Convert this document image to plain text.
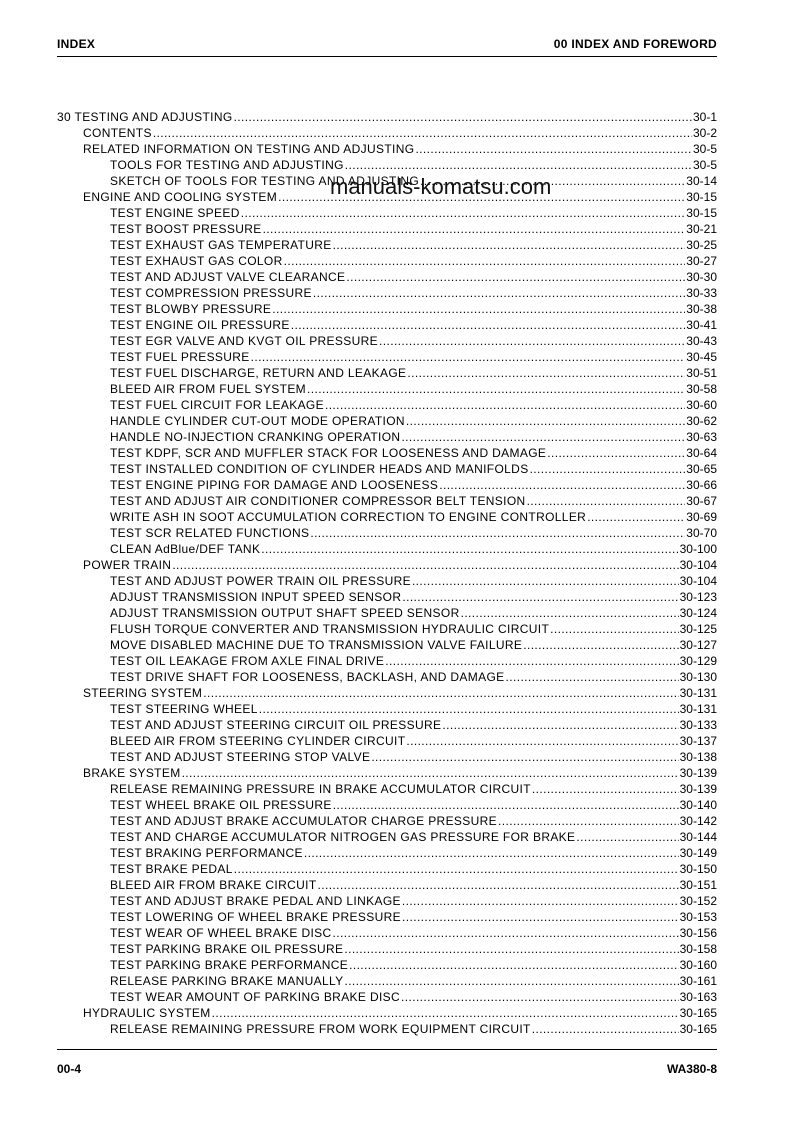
INDEX	00 INDEX AND FOREWORD
30 TESTING AND ADJUSTING .....	30-1
CONTENTS .....	30-2
RELATED INFORMATION ON TESTING AND ADJUSTING .....	30-5
TOOLS FOR TESTING AND ADJUSTING .....	30-5
SKETCH OF TOOLS FOR TESTING AND ADJUSTING .....	30-14
ENGINE AND COOLING SYSTEM .....	30-15
TEST ENGINE SPEED .....	30-15
TEST BOOST PRESSURE .....	30-21
TEST EXHAUST GAS TEMPERATURE .....	30-25
TEST EXHAUST GAS COLOR .....	30-27
TEST AND ADJUST VALVE CLEARANCE .....	30-30
TEST COMPRESSION PRESSURE .....	30-33
TEST BLOWBY PRESSURE .....	30-38
TEST ENGINE OIL PRESSURE .....	30-41
TEST EGR VALVE AND KVGT OIL PRESSURE .....	30-43
TEST FUEL PRESSURE .....	30-45
TEST FUEL DISCHARGE, RETURN AND LEAKAGE .....	30-51
BLEED AIR FROM FUEL SYSTEM .....	30-58
TEST FUEL CIRCUIT FOR LEAKAGE .....	30-60
HANDLE CYLINDER CUT-OUT MODE OPERATION .....	30-62
HANDLE NO-INJECTION CRANKING OPERATION .....	30-63
TEST KDPF, SCR AND MUFFLER STACK FOR LOOSENESS AND DAMAGE .....	30-64
TEST INSTALLED CONDITION OF CYLINDER HEADS AND MANIFOLDS .....	30-65
TEST ENGINE PIPING FOR DAMAGE AND LOOSENESS .....	30-66
TEST AND ADJUST AIR CONDITIONER COMPRESSOR BELT TENSION .....	30-67
WRITE ASH IN SOOT ACCUMULATION CORRECTION TO ENGINE CONTROLLER .....	30-69
TEST SCR RELATED FUNCTIONS .....	30-70
CLEAN AdBlue/DEF TANK .....	30-100
POWER TRAIN .....	30-104
TEST AND ADJUST POWER TRAIN OIL PRESSURE .....	30-104
ADJUST TRANSMISSION INPUT SPEED SENSOR .....	30-123
ADJUST TRANSMISSION OUTPUT SHAFT SPEED SENSOR .....	30-124
FLUSH TORQUE CONVERTER AND TRANSMISSION HYDRAULIC CIRCUIT .....	30-125
MOVE DISABLED MACHINE DUE TO TRANSMISSION VALVE FAILURE .....	30-127
TEST OIL LEAKAGE FROM AXLE FINAL DRIVE .....	30-129
TEST DRIVE SHAFT FOR LOOSENESS, BACKLASH, AND DAMAGE .....	30-130
STEERING SYSTEM .....	30-131
TEST STEERING WHEEL .....	30-131
TEST AND ADJUST STEERING CIRCUIT OIL PRESSURE .....	30-133
BLEED AIR FROM STEERING CYLINDER CIRCUIT .....	30-137
TEST AND ADJUST STEERING STOP VALVE .....	30-138
BRAKE SYSTEM .....	30-139
RELEASE REMAINING PRESSURE IN BRAKE ACCUMULATOR CIRCUIT .....	30-139
TEST WHEEL BRAKE OIL PRESSURE .....	30-140
TEST AND ADJUST BRAKE ACCUMULATOR CHARGE PRESSURE .....	30-142
TEST AND CHARGE ACCUMULATOR NITROGEN GAS PRESSURE FOR BRAKE .....	30-144
TEST BRAKING PERFORMANCE .....	30-149
TEST BRAKE PEDAL .....	30-150
BLEED AIR FROM BRAKE CIRCUIT .....	30-151
TEST AND ADJUST BRAKE PEDAL AND LINKAGE .....	30-152
TEST LOWERING OF WHEEL BRAKE PRESSURE .....	30-153
TEST WEAR OF WHEEL BRAKE DISC .....	30-156
TEST PARKING BRAKE OIL PRESSURE .....	30-158
TEST PARKING BRAKE PERFORMANCE .....	30-160
RELEASE PARKING BRAKE MANUALLY .....	30-161
TEST WEAR AMOUNT OF PARKING BRAKE DISC .....	30-163
HYDRAULIC SYSTEM .....	30-165
RELEASE REMAINING PRESSURE FROM WORK EQUIPMENT CIRCUIT .....	30-165
manuals-komatsu.com
00-4	WA380-8
